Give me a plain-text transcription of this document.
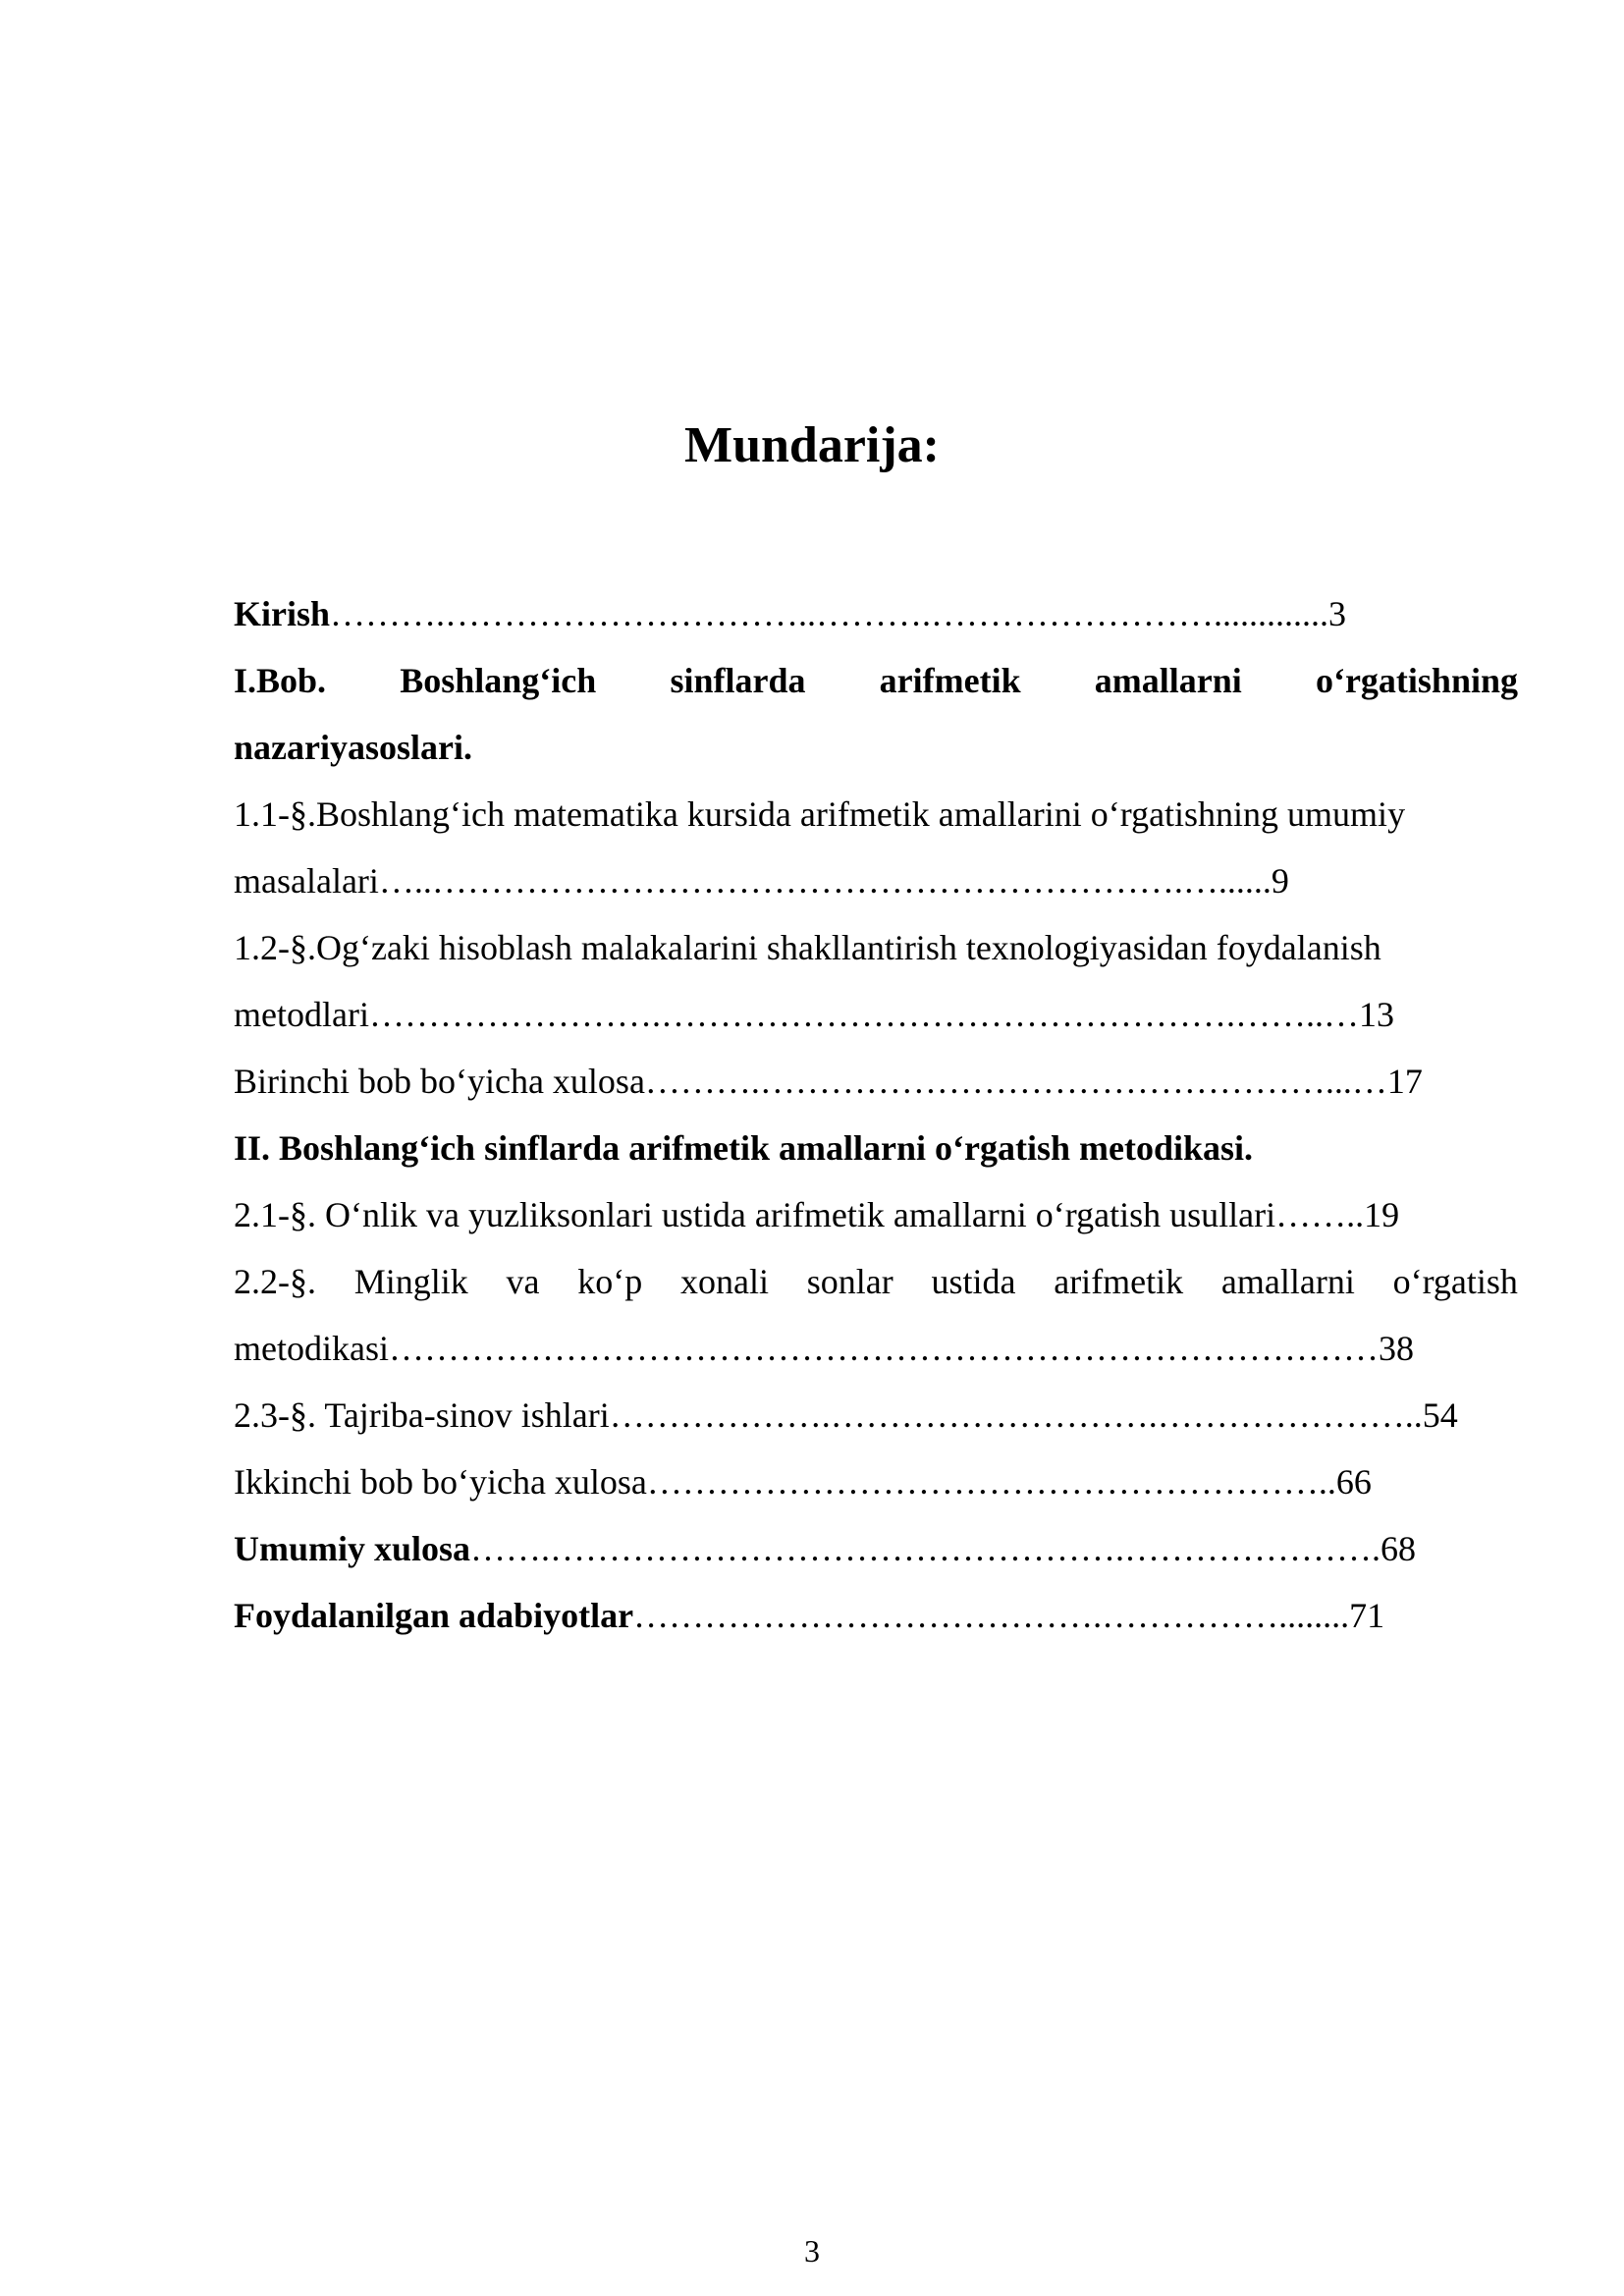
Mundarija:
Kirish……….…………………………..……….…………………….............3
I.Bob. Boshlang‘ich sinflarda arifmetik amallarni o‘rgatishning
nazariyasoslari.
1.1-§.Boshlang‘ich matematika kursida arifmetik amallarini o‘rgatishning umumiy
masalalari…..……………………………………………………….…......9
1.2-§.Og‘zaki hisoblash malakalarini shakllantirish texnologiyasidan foydalanish
metodlari…………………….………………………………………….……..…13
Birinchi bob bo‘yicha xulosa……….…………………………………………...…17
II. Boshlang‘ich sinflarda arifmetik amallarni o‘rgatish metodikasi.
2.1-§. O‘nlik va yuzliksonlari ustida arifmetik amallarni o‘rgatish usullari……..19
2.2-§. Minglik va ko‘p xonali sonlar ustida arifmetik amallarni o‘rgatish
metodikasi…………………………………………………………………………38
2.3-§. Tajriba-sinov ishlari……………….……………………….…………………..54
Ikkinchi bob bo‘yicha xulosa…………………………………………………..66
Umumiy xulosa…….………………………………………….………………….68
Foydalanilgan adabiyotlar………………………………….……………........71
3
